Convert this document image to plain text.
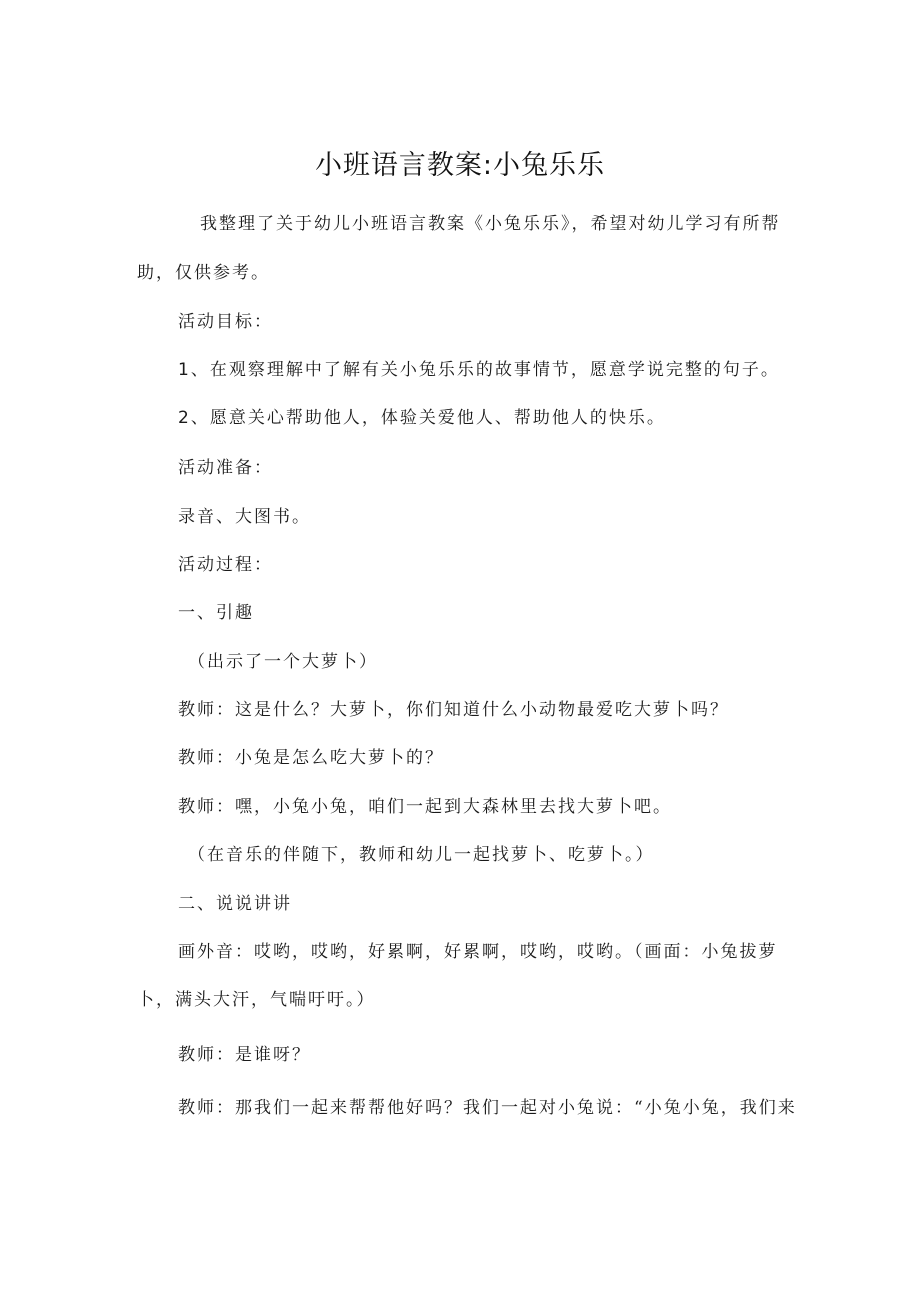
小班语言教案:小兔乐乐
我整理了关于幼儿小班语言教案《小兔乐乐》，希望对幼儿学习有所帮
助，仅供参考。
活动目标：
1、在观察理解中了解有关小兔乐乐的故事情节，愿意学说完整的句子。
2、愿意关心帮助他人，体验关爱他人、帮助他人的快乐。
活动准备：
录音、大图书。
活动过程：
一、引趣
（出示了一个大萝卜）
教师：这是什么？大萝卜，你们知道什么小动物最爱吃大萝卜吗？
教师：小兔是怎么吃大萝卜的？
教师：嘿，小兔小兔，咱们一起到大森林里去找大萝卜吧。
（在音乐的伴随下，教师和幼儿一起找萝卜、吃萝卜。）
二、说说讲讲
画外音：哎哟，哎哟，好累啊，好累啊，哎哟，哎哟。（画面：小兔拔萝
卜，满头大汗，气喘吁吁。）
教师：是谁呀？
教师：那我们一起来帮帮他好吗？我们一起对小兔说：“小兔小兔，我们来
